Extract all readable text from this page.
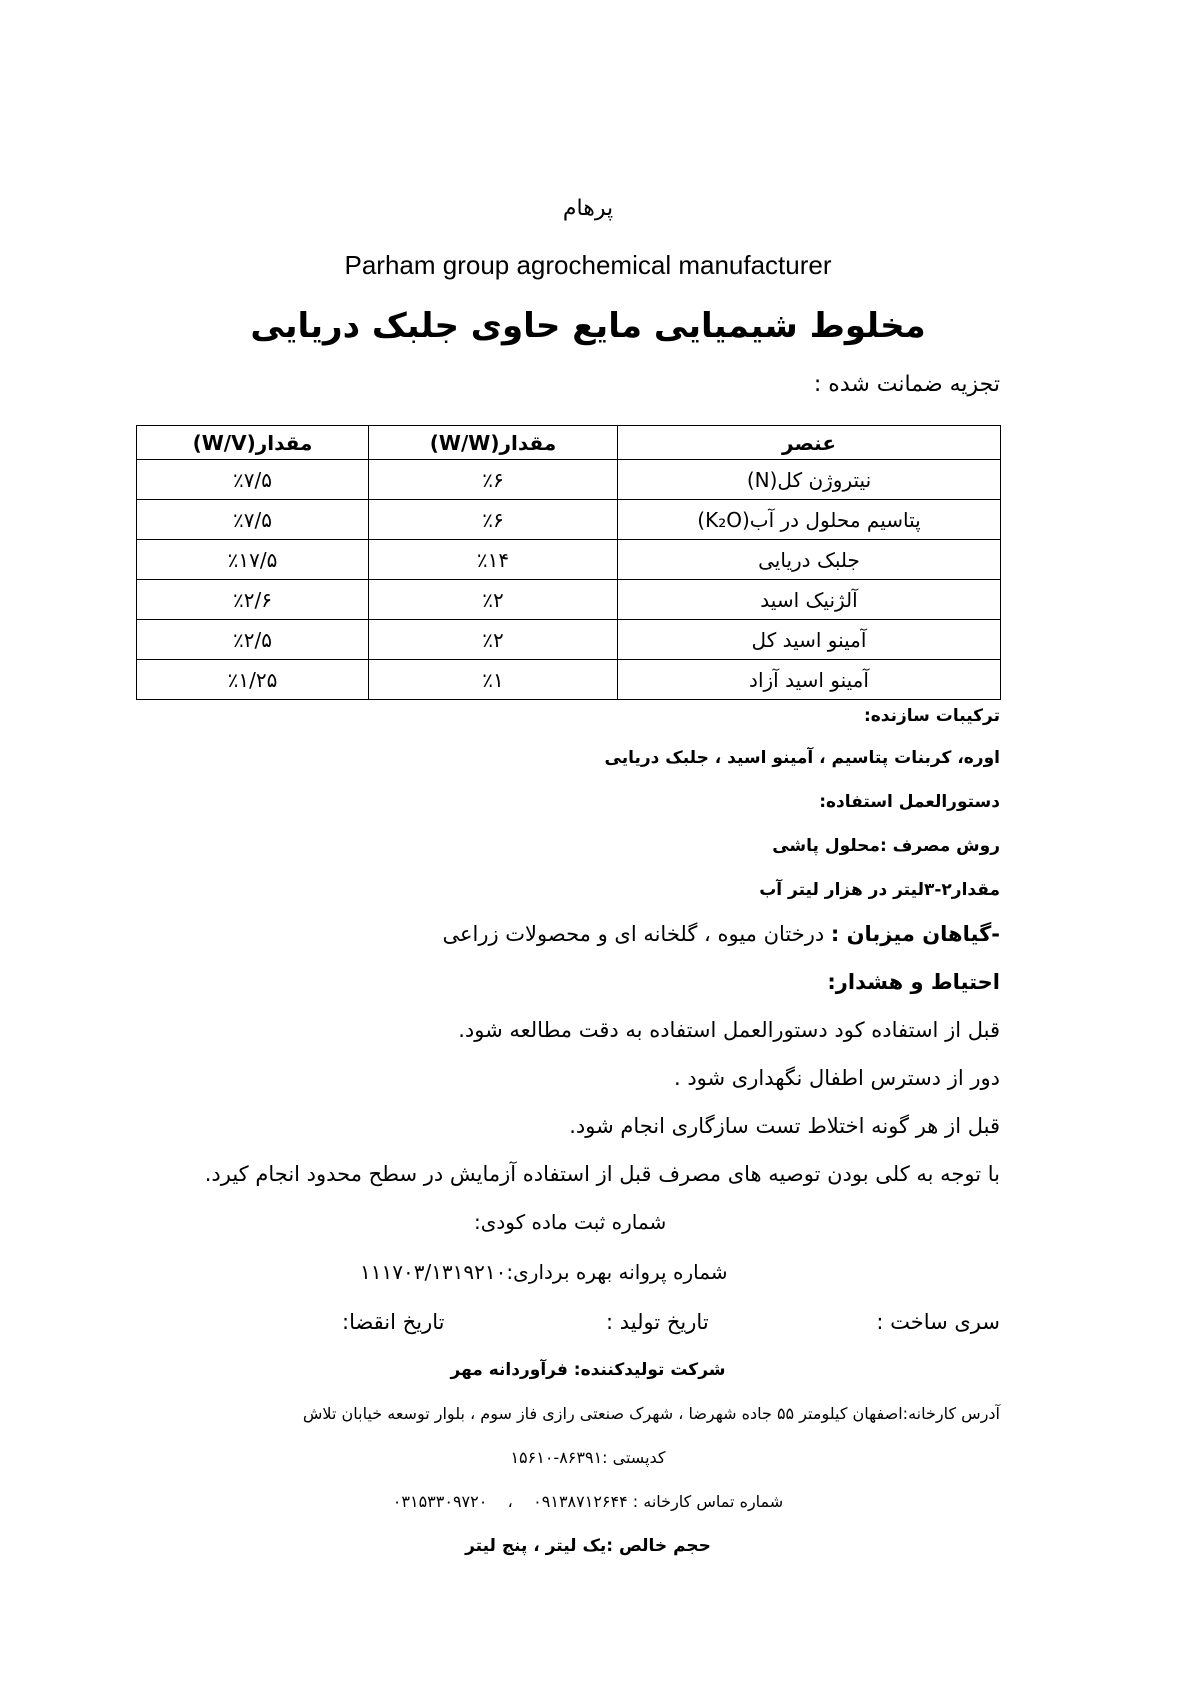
پرهام
Parham group agrochemical manufacturer
مخلوط شیمیایی مایع حاوی جلبک دریایی
تجزیه ضمانت شده :
عنصر	مقدار(W/W)	مقدار(W/V)
نیتروژن کل(N)	٪۶	٪۷/۵
پتاسیم محلول در آب(K₂O)	٪۶	٪۷/۵
جلبک دریایی	٪۱۴	٪۱۷/۵
آلژنیک اسید	٪۲	٪۲/۶
آمینو اسید کل	٪۲	٪۲/۵
آمینو اسید آزاد	٪۱	٪۱/۲۵
ترکیبات سازنده:
اوره، کربنات پتاسیم ، آمینو اسید ، جلبک دریایی
دستورالعمل استفاده:
روش مصرف :محلول پاشی
مقدار۲-۳لیتر در هزار لیتر آب
-گیاهان میزبان : درختان میوه ، گلخانه ای و محصولات زراعی
احتیاط و هشدار:
قبل از استفاده کود دستورالعمل استفاده به دقت مطالعه شود.
دور از دسترس اطفال نگهداری شود .
قبل از هر گونه اختلاط تست سازگاری انجام شود.
با توجه به کلی بودن توصیه های مصرف قبل از استفاده آزمایش در سطح محدود انجام کیرد.
شماره ثبت ماده کودی:
شماره پروانه بهره برداری:۱۱۱۷۰۳/۱۳۱۹۲۱۰
سری ساخت :
تاریخ تولید :
تاریخ انقضا:
شرکت تولیدکننده: فرآوردانه مهر
آدرس کارخانه:اصفهان کیلومتر ۵۵ جاده شهرضا ، شهرک صنعتی رازی فاز سوم ، بلوار توسعه خیابان تلاش
کدپستی :۸۶۳۹۱-۱۵۶۱۰
شماره تماس کارخانه : ۰۹۱۳۸۷۱۲۶۴۴    ،    ۰۳۱۵۳۳۰۹۷۲۰
حجم خالص :یک لیتر ، پنج لیتر
